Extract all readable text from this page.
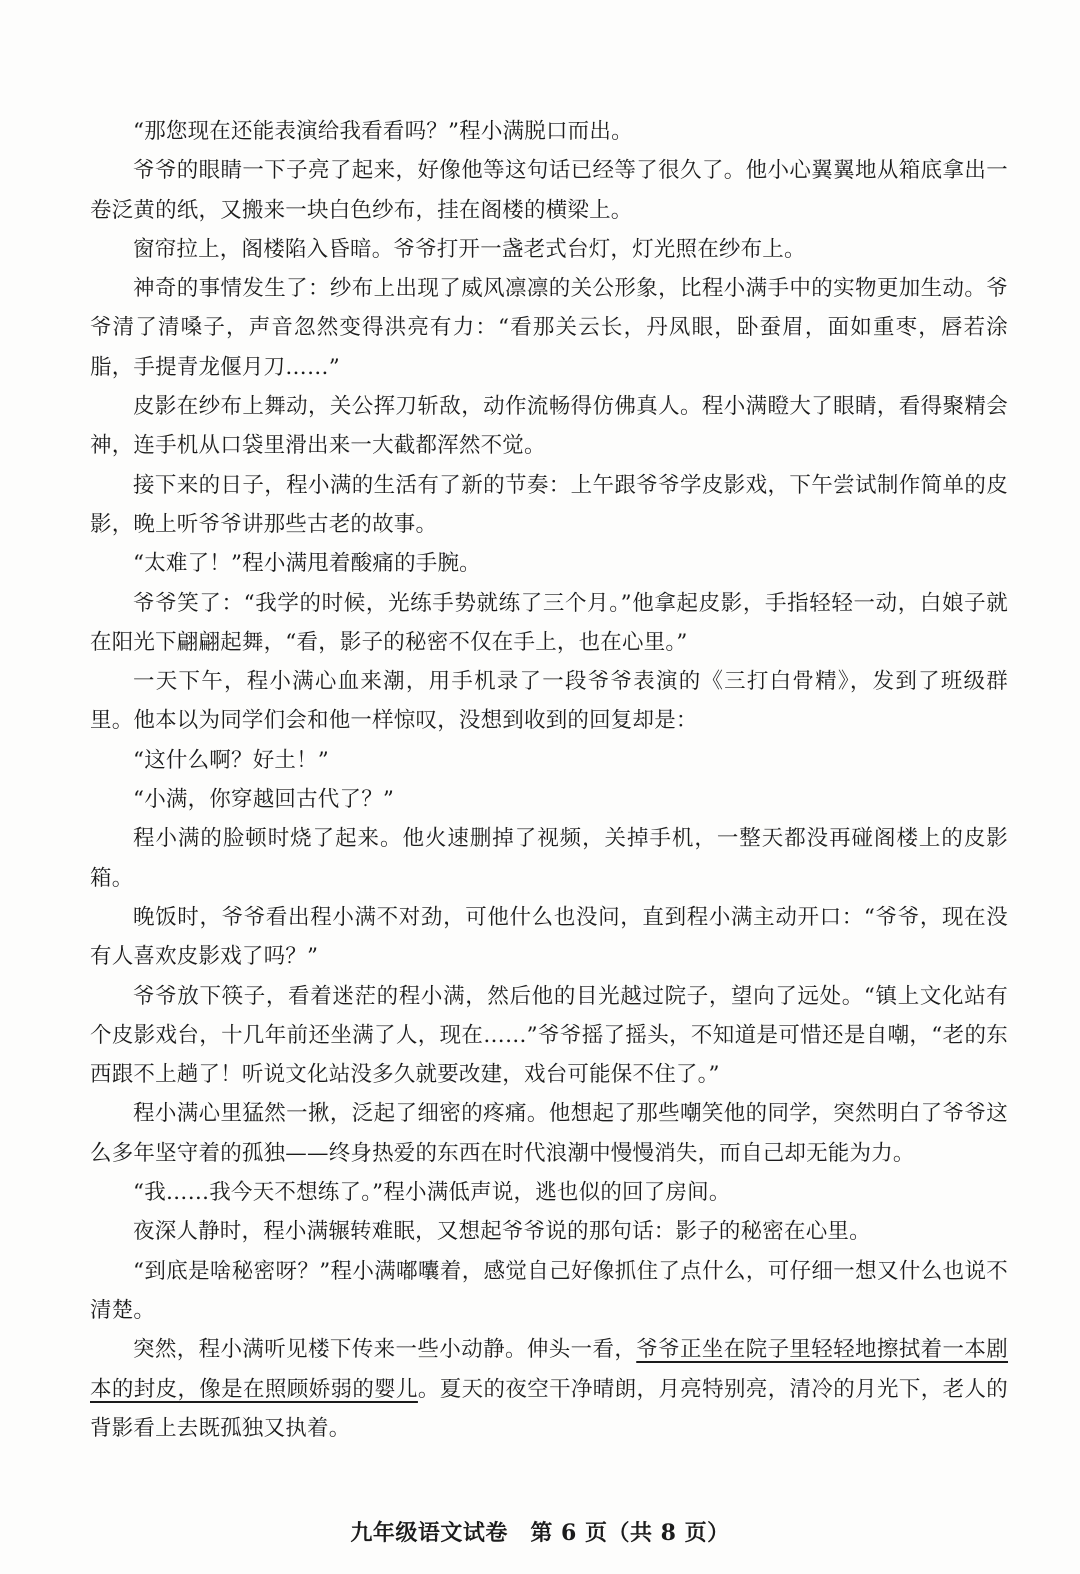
“那您现在还能表演给我看看吗？”程小满脱口而出。

爷爷的眼睛一下子亮了起来，好像他等这句话已经等了很久了。他小心翼翼地从箱底拿出一卷泛黄的纸，又搬来一块白色纱布，挂在阁楼的横梁上。

窗帘拉上，阁楼陷入昏暗。爷爷打开一盏老式台灯，灯光照在纱布上。

神奇的事情发生了：纱布上出现了威风凛凛的关公形象，比程小满手中的实物更加生动。爷爷清了清嗓子，声音忽然变得洪亮有力：“看那关云长，丹凤眼，卧蚕眉，面如重枣，唇若涂脂，手提青龙偃月刀……”

皮影在纱布上舞动，关公挥刀斩敌，动作流畅得仿佛真人。程小满瞪大了眼睛，看得聚精会神，连手机从口袋里滑出来一大截都浑然不觉。

接下来的日子，程小满的生活有了新的节奏：上午跟爷爷学皮影戏，下午尝试制作简单的皮影，晚上听爷爷讲那些古老的故事。

“太难了！”程小满甩着酸痛的手腕。

爷爷笑了：“我学的时候，光练手势就练了三个月。”他拿起皮影，手指轻轻一动，白娘子就在阳光下翩翩起舞，“看，影子的秘密不仅在手上，也在心里。”

一天下午，程小满心血来潮，用手机录了一段爷爷表演的《三打白骨精》，发到了班级群里。他本以为同学们会和他一样惊叹，没想到收到的回复却是：

“这什么啊？好土！”

“小满，你穿越回古代了？”

程小满的脸顿时烧了起来。他火速删掉了视频，关掉手机，一整天都没再碰阁楼上的皮影箱。

晚饭时，爷爷看出程小满不对劲，可他什么也没问，直到程小满主动开口：“爷爷，现在没有人喜欢皮影戏了吗？”

爷爷放下筷子，看着迷茫的程小满，然后他的目光越过院子，望向了远处。“镇上文化站有个皮影戏台，十几年前还坐满了人，现在……”爷爷摇了摇头，不知道是可惜还是自嘲，“老的东西跟不上趟了！听说文化站没多久就要改建，戏台可能保不住了。”

程小满心里猛然一揪，泛起了细密的疼痛。他想起了那些嘲笑他的同学，突然明白了爷爷这么多年坚守着的孤独——终身热爱的东西在时代浪潮中慢慢消失，而自己却无能为力。

“我……我今天不想练了。”程小满低声说，逃也似的回了房间。

夜深人静时，程小满辗转难眠，又想起爷爷说的那句话：影子的秘密在心里。

“到底是啥秘密呀？”程小满嘟囔着，感觉自己好像抓住了点什么，可仔细一想又什么也说不清楚。

突然，程小满听见楼下传来一些小动静。伸头一看，爷爷正坐在院子里轻轻地擦拭着一本剧本的封皮，像是在照顾娇弱的婴儿。夏天的夜空干净晴朗，月亮特别亮，清冷的月光下，老人的背影看上去既孤独又执着。

九年级语文试卷　第 6 页（共 8 页）
